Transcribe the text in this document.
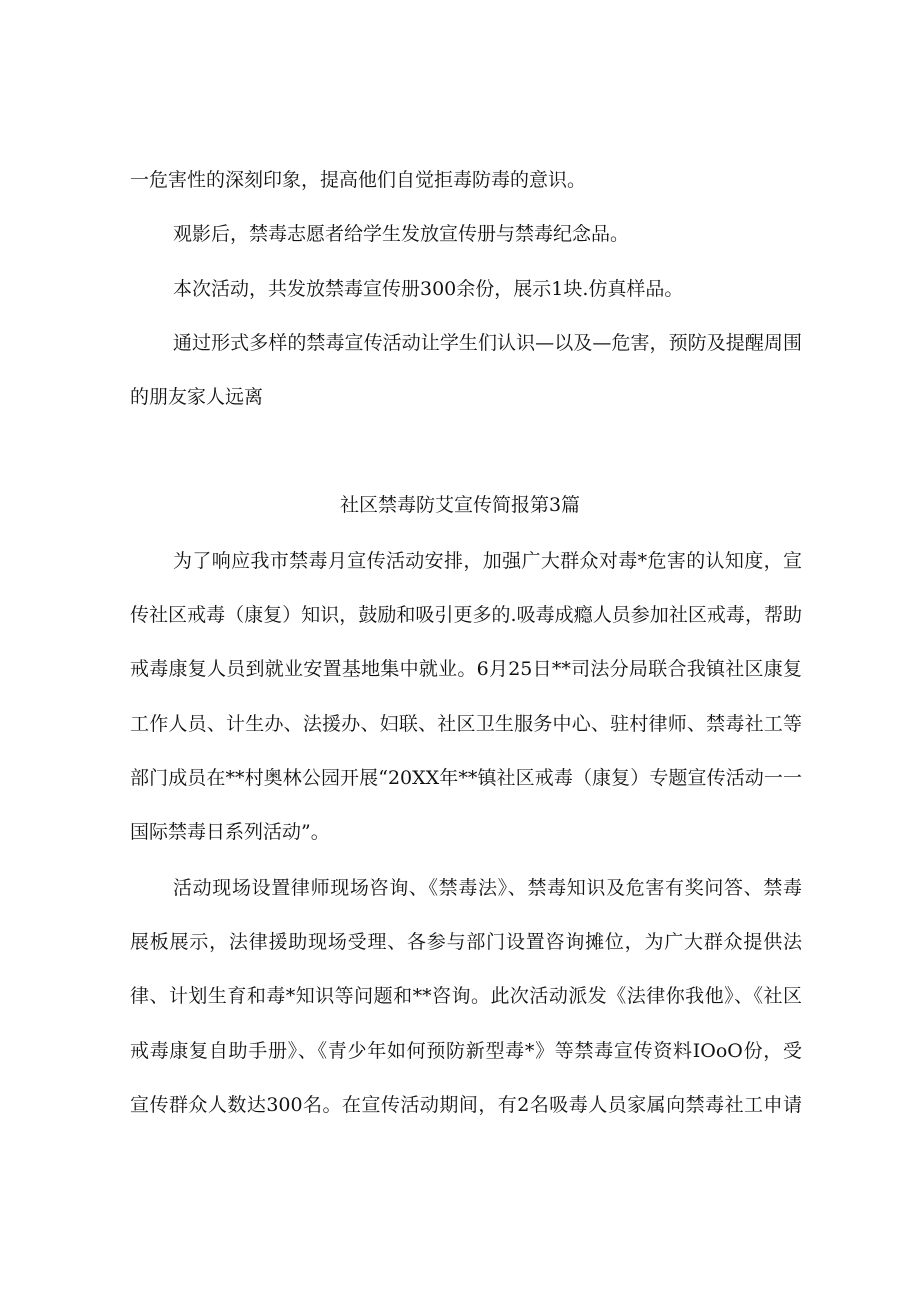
一危害性的深刻印象，提高他们自觉拒毒防毒的意识。
观影后，禁毒志愿者给学生发放宣传册与禁毒纪念品。
本次活动，共发放禁毒宣传册300余份，展示1块.仿真样品。
通过形式多样的禁毒宣传活动让学生们认识—以及—危害，预防及提醒周围
的朋友家人远离
社区禁毒防艾宣传简报第3篇
为了响应我市禁毒月宣传活动安排，加强广大群众对毒*危害的认知度，宣
传社区戒毒（康复）知识，鼓励和吸引更多的.吸毒成瘾人员参加社区戒毒，帮助
戒毒康复人员到就业安置基地集中就业。6月25日**司法分局联合我镇社区康复
工作人员、计生办、法援办、妇联、社区卫生服务中心、驻村律师、禁毒社工等
部门成员在**村奥林公园开展“20XX年**镇社区戒毒（康复）专题宣传活动一一
国际禁毒日系列活动”。
活动现场设置律师现场咨询、《禁毒法》、禁毒知识及危害有奖问答、禁毒
展板展示，法律援助现场受理、各参与部门设置咨询摊位，为广大群众提供法
律、计划生育和毒*知识等问题和**咨询。此次活动派发《法律你我他》、《社区
戒毒康复自助手册》、《青少年如何预防新型毒*》等禁毒宣传资料IOoO份，受
宣传群众人数达300名。在宣传活动期间，有2名吸毒人员家属向禁毒社工申请
